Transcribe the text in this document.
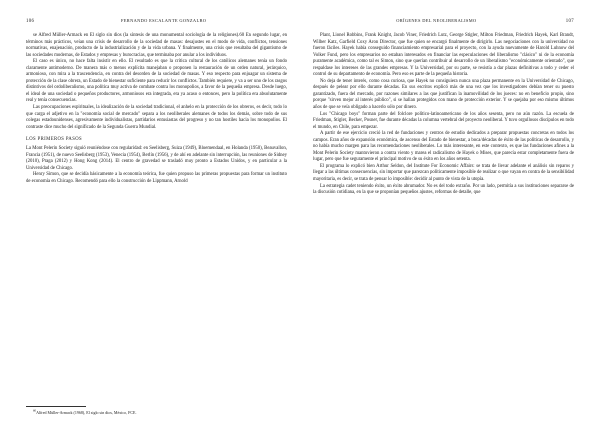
106	FERNANDO ESCALANTE GONZALBO

se Alfred Müller-Armack en El siglo sin dios (la síntesis de una monumental sociología de la religiones).60 En segundo lugar, en términos más prácticos, veían una crisis de desarrollo de la sociedad de masas: desajustes en el modo de vida, conflictos, tensiones normativas, enajenación, producto de la industrialización y de la vida urbana. Y finalmente, una crisis que resultaba del gigantismo de las sociedades modernas, de Estados y empresas y burocracias, que terminaba por anular a los individuos.

El caso es único, no hace falta insistir en ello. El resultado es que la crítica cultural de los católicos alemanes tenía un fondo claramente antimoderno. De manera más o menos explícita manejaban o proponen la restauración de un orden natural, jerárquico, armonioso, con mira a la trascendencia, en contra del desorden de la sociedad de masas. Y eso respecto para enjuagar un sistema de protección de la clase obrera, un Estado de bienestar suficiente para reducir los conflictos. También requiere, y va a ser uno de los rasgos distintivos del ordoliberalismo, una política muy activa de combate contra los monopolios, a favor de la pequeña empresa. Desde luego, el ideal de una sociedad o pequeños productores, armoniosos era integrada, era ya acaso o entonces, pero la política era absolutamente real y tenía consecuencias.

Las preocupaciones espirituales, la idealización de la sociedad tradicional, el anhelo en la protección de los obreros, es decir, todo lo que carga el adjetivo en la "economía social de mercado" separa a los neoliberales alemanes de todos los demás, sobre todo de sus colegas estadounidenses, agresivamente individualistas, partidarios entusiastas del progreso y no tan hostiles hacia los monopolios. El contraste dice mucho del significado de la Segunda Guerra Mundial.

LOS PRIMEROS PASOS

La Mont Pelerin Society siguió reuniéndose con regularidad: en Seelisberg, Suiza (1949), Bloemendaal, en Holanda (1950), Beauvallon, Francia (1951), de nuevo Seelisberg (1953), Venecia (1954), Berlín (1956), y de ahí en adelante sin interrupción, las reuniones de Sidney (2010), Praga (2012) y Hong Kong (2014). El centro de gravedad se trasladó muy pronto a Estados Unidos, y en particular a la Universidad de Chicago.

Henry Simon, que se decidía básicamente a la economía teórica, fue quien propuso las primeras propuestas para formar un instituto de economía en Chicago. Recomendó para ello la construcción de Lippmann, Arnold

$^{60}$Alfred Müller-Armack (1968), El siglo sin dios, México, FCE.

ORÍGENES DEL NEOLIBERALISMO	107

Plant, Lionel Robbins, Frank Knight, Jacob Viner, Friedrich Lutz, George Stigler, Milton Friedman, Friedrich Hayek, Karl Brandt, Wilber Katz, Garfield Coxy Aron Director, que fue quien se encargó finalmente de dirigirlo. Las negociaciones con la universidad no fueron fáciles. Hayek había conseguido financiamiento empresarial para el proyecto, con la ayuda nuevamente de Harold Luhnow del Volker Fund, pero los empresarios no estaban interesados en financiar las especulaciones del liberalismo "clásico" ni de la economía puramente académica, como tal es Simon, sino que querían contribuir al desarrollo de un liberalismo "económicamente orientado", que respaldase los intereses de las grandes empresas. Y la Universidad, por su parte, se resistía a dar plazas definitivas a todo y ceder el control de su departamento de economía. Pero eso es parte de la pequeña historia.

No deja de tener interés, como cosa curiosa, que Hayek no consiguiera nunca una plaza permanente en la Universidad de Chicago, después de pelear por ello durante décadas. En sus escritos explicó más de una vez que los investigadores debían tener su puesto garantizado, fuera del mercado, por razones similares a las que justifican la inamovilidad de los jueces: no en beneficio propio, sino porque "sirven mejor al interés público", si se hallan protegidos con mano de protección exterior. Y se quejaba por eso mismo últimos años de que se veía obligado a hacerlo sólo por dinero.

Los "Chicago boys" forman parte del folclore político-latinoamericano de los años sesenta, pero no aún razón. La escuela de Friedman, Stigler, Becker, Posner, fue durante décadas la columna vertebral del proyecto neoliberal. Y tuvo orgullosos discípulos en todo el mundo, en Chile, para empezar.

A partir de ese ejercicio creció la red de fundaciones y centros de estudio dedicados a preparar propuestas concretas en todos los campos. Eran años de expansión económica, de ascenso del Estado de bienestar, a boca/décadas de éxito de las políticas de desarrollo, y no había mucho margen para las recomendaciones neoliberales. Lo más interesante, en este contexto, es que las fundaciones afines a la Mont Pelerin Society mantuvieron a contra viento y marea el radicalismo de Hayek o Mises, que parecía estar completamente fuera de lugar, pero que fue seguramente el principal motivo de su éxito en los años setenta.

El programa lo explicó bien Arthur Seldon, del Institute For Economic Affairs: se trata de llevar adelante el análisis sin reparos y llegar a las últimas consecuencias, sin importar que parezcan políticamente imposible de realizar o que vayan en contra de la sensibilidad mayoritaria, es decir, se trata de pensar lo imposible: decidir al punto de vista de la utopía.

La estrategia cadet teniendo éxito, un éxito abrumador. No es del todo extraño. Por un lado, permitía a sus instituciones separarse de la discusión cotidiana, en la que se proponían pequeños ajustes, reformas de detalle, que
